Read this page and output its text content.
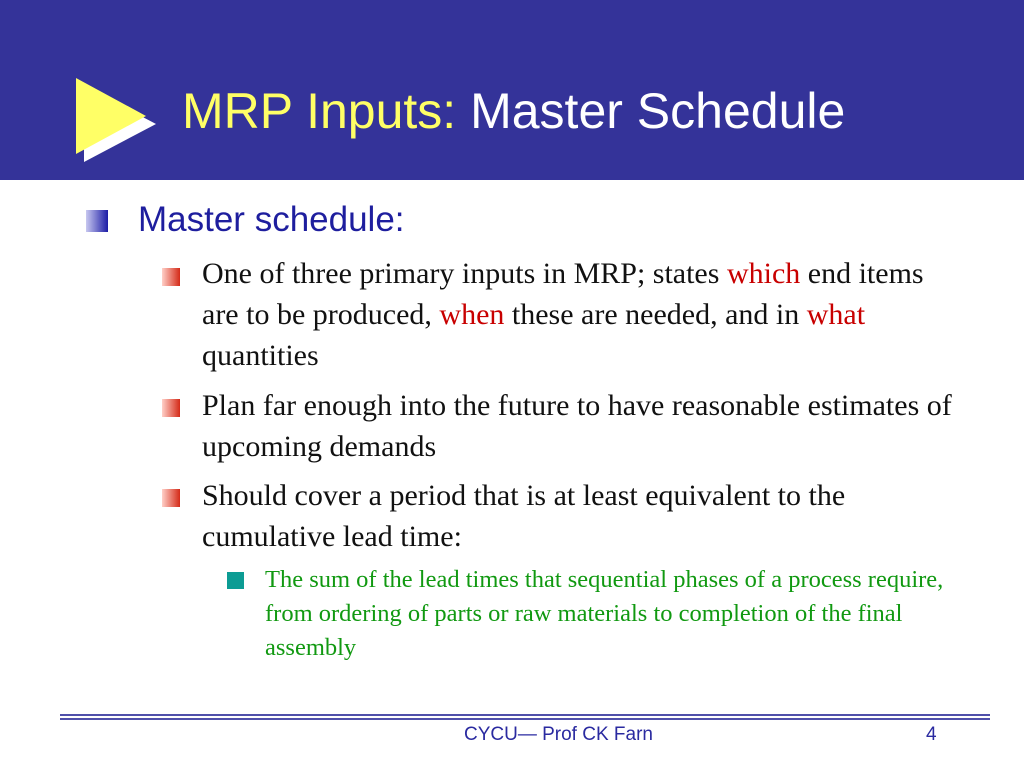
MRP Inputs: Master Schedule
Master schedule:
One of three primary inputs in MRP; states which end items are to be produced, when these are needed, and in what quantities
Plan far enough into the future to have reasonable estimates of upcoming demands
Should cover a period that is at least equivalent to the cumulative lead time:
The sum of the lead times that sequential phases of a process require, from ordering of parts or raw materials to completion of the final assembly
CYCU— Prof CK Farn	4
